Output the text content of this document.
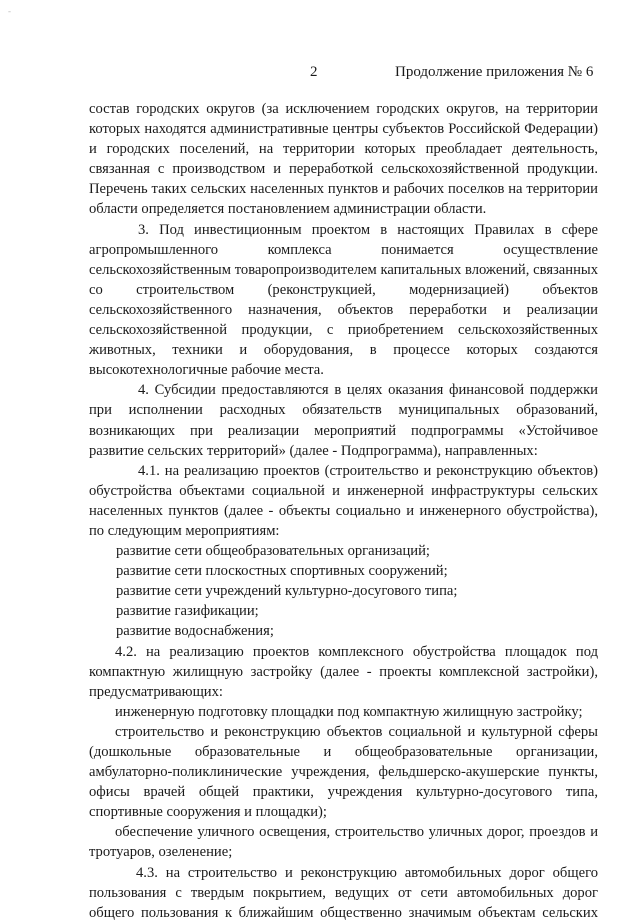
-
2	Продолжение приложения № 6

состав городских округов (за исключением городских округов, на территории которых находятся административные центры субъектов Российской Федерации) и городских поселений, на территории которых преобладает деятельность, связанная с производством и переработкой сельскохозяйственной продукции. Перечень таких сельских населенных пунктов и рабочих поселков на территории области определяется постановлением администрации области.

3. Под инвестиционным проектом в настоящих Правилах в сфере агропромышленного комплекса понимается осуществление сельскохозяйственным товаропроизводителем капитальных вложений, связанных со строительством (реконструкцией, модернизацией) объектов сельскохозяйственного назначения, объектов переработки и реализации сельскохозяйственной продукции, с приобретением сельскохозяйственных животных, техники и оборудования, в процессе которых создаются высокотехнологичные рабочие места.

4. Субсидии предоставляются в целях оказания финансовой поддержки при исполнении расходных обязательств муниципальных образований, возникающих при реализации мероприятий подпрограммы «Устойчивое развитие сельских территорий» (далее - Подпрограмма), направленных:

4.1. на реализацию проектов (строительство и реконструкцию объектов) обустройства объектами социальной и инженерной инфраструктуры сельских населенных пунктов (далее - объекты социально и инженерного обустройства), по следующим мероприятиям:

развитие сети общеобразовательных организаций;

развитие сети плоскостных спортивных сооружений;

развитие сети учреждений культурно-досугового типа;

развитие газификации;

развитие водоснабжения;

4.2. на реализацию проектов комплексного обустройства площадок под компактную жилищную застройку (далее - проекты комплексной застройки), предусматривающих:

инженерную подготовку площадки под компактную жилищную застройку;

строительство и реконструкцию объектов социальной и культурной сферы (дошкольные образовательные и общеобразовательные организации, амбулаторно-поликлинические учреждения, фельдшерско-акушерские пункты, офисы врачей общей практики, учреждения культурно-досугового типа, спортивные сооружения и площадки);

обеспечение уличного освещения, строительство уличных дорог, проездов и тротуаров, озеленение;

4.3. на строительство и реконструкцию автомобильных дорог общего пользования с твердым покрытием, ведущих от сети автомобильных дорог общего пользования к ближайшим общественно значимым объектам сельских
